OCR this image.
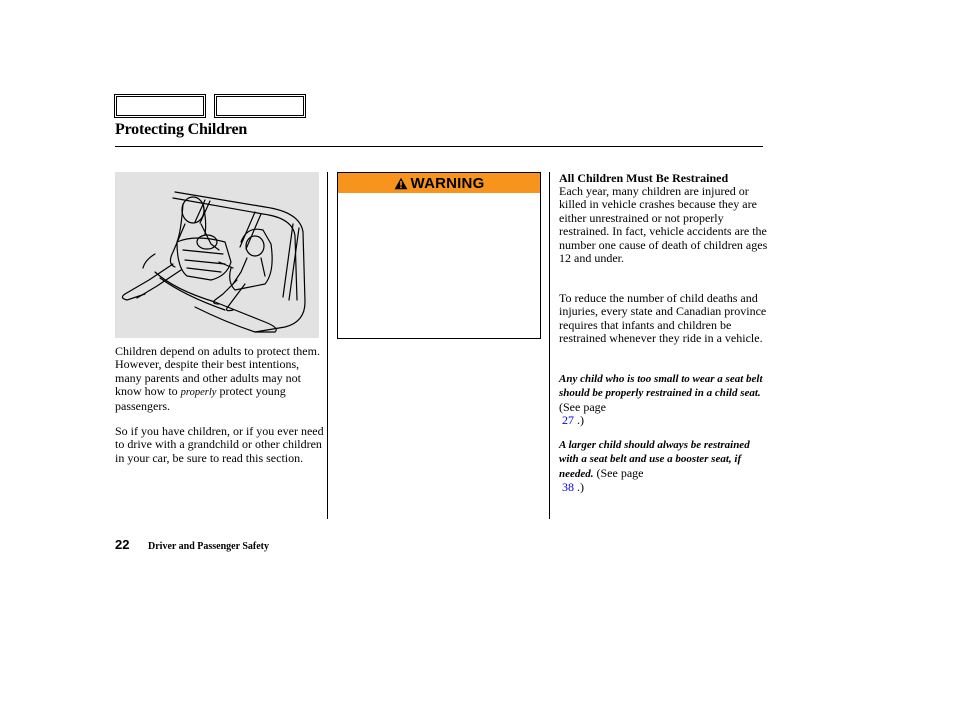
Protecting Children
Children depend on adults to protect them. However, despite their best intentions, many parents and other adults may not know how to properly protect young passengers.
So if you have children, or if you ever need to drive with a grandchild or other children in your car, be sure to read this section.
WARNING	All Children Must Be Restrained
Each year, many children are injured or killed in vehicle crashes because they are either unrestrained or not properly restrained. In fact, vehicle accidents are the number one cause of death of children ages 12 and under.
To reduce the number of child deaths and injuries, every state and Canadian province requires that infants and children be restrained whenever they ride in a vehicle.
Any child who is too small to wear a seat belt should be properly restrained in a child seat. (See page
27 .)
A larger child should always be restrained with a seat belt and use a booster seat, if needed. (See page
38 .)
22 Driver and Passenger Safety
